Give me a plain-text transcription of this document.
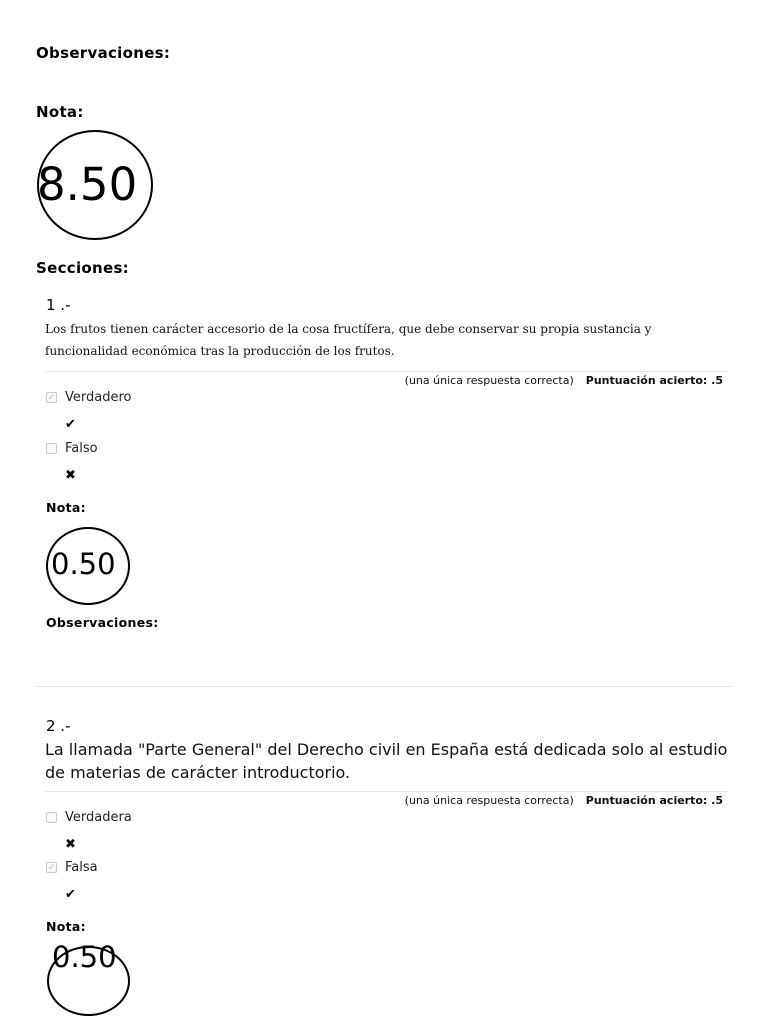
Observaciones:
Nota:
8.50
Secciones:
1 .-
Los frutos tienen carácter accesorio de la cosa fructífera, que debe conservar su propia sustancia y funcionalidad económica tras la producción de los frutos.
(una única respuesta correcta) Puntuación acierto: .5
✓ Verdadero
✔
Falso
✖
Nota:
0.50
Observaciones:
2 .-
La llamada "Parte General" del Derecho civil en España está dedicada solo al estudio de materias de carácter introductorio.
(una única respuesta correcta) Puntuación acierto: .5
Verdadera
✖
✓ Falsa
✔
Nota:
0.50
